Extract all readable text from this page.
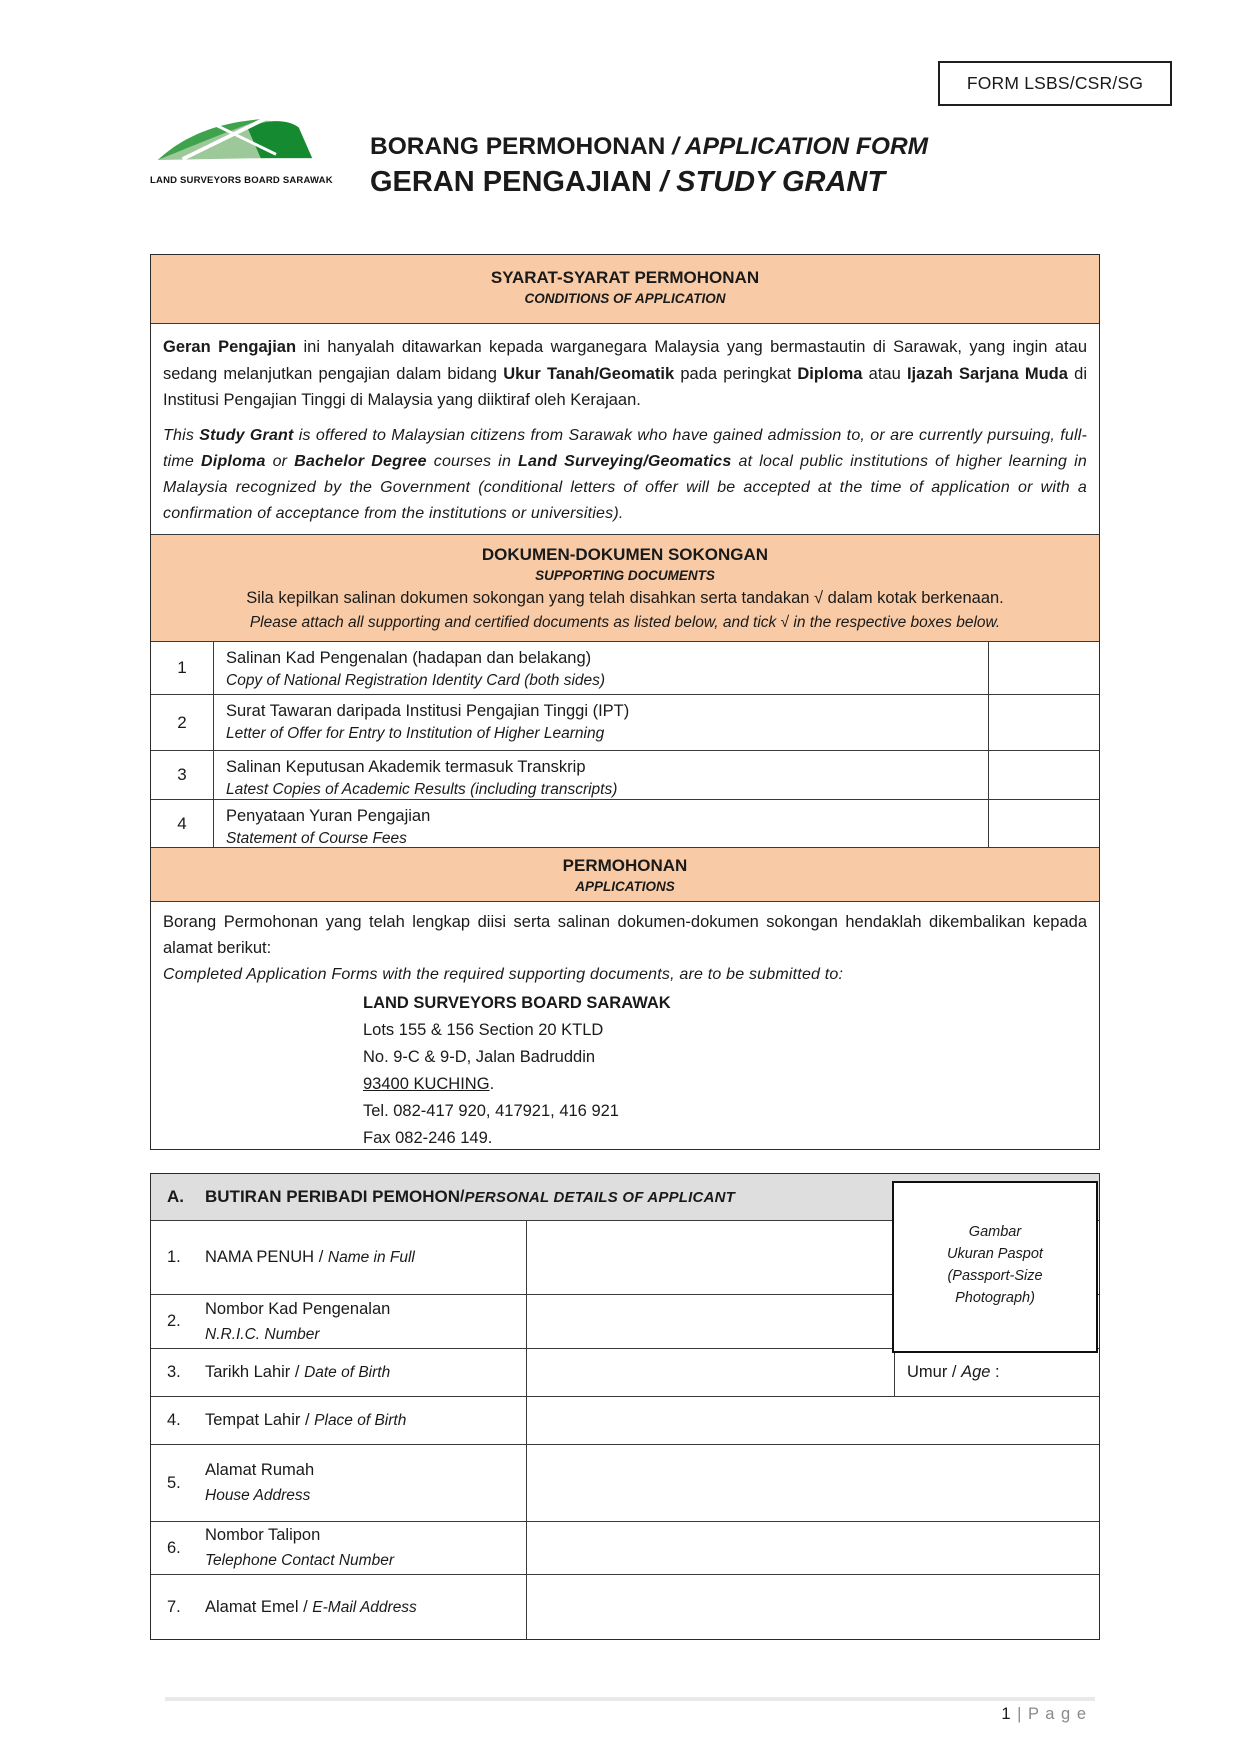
FORM LSBS/CSR/SG
LAND SURVEYORS BOARD SARAWAK
BORANG PERMOHONAN / APPLICATION FORM
GERAN PENGAJIAN / STUDY GRANT
SYARAT-SYARAT PERMOHONAN
CONDITIONS OF APPLICATION

Geran Pengajian ini hanyalah ditawarkan kepada warganegara Malaysia yang bermastautin di Sarawak, yang ingin atau sedang melanjutkan pengajian dalam bidang Ukur Tanah/Geomatik pada peringkat Diploma atau Ijazah Sarjana Muda di Institusi Pengajian Tinggi di Malaysia yang diiktiraf oleh Kerajaan.

This Study Grant is offered to Malaysian citizens from Sarawak who have gained admission to, or are currently pursuing, full-time Diploma or Bachelor Degree courses in Land Surveying/Geomatics at local public institutions of higher learning in Malaysia recognized by the Government (conditional letters of offer will be accepted at the time of application or with a confirmation of acceptance from the institutions or universities).

DOKUMEN-DOKUMEN SOKONGAN
SUPPORTING DOCUMENTS
Sila kepilkan salinan dokumen sokongan yang telah disahkan serta tandakan √ dalam kotak berkenaan.
Please attach all supporting and certified documents as listed below, and tick √ in the respective boxes below.
1	Salinan Kad Pengenalan (hadapan dan belakang)
Copy of National Registration Identity Card (both sides)
2
Surat Tawaran daripada Institusi Pengajian Tinggi (IPT)
Letter of Offer for Entry to Institution of Higher Learning
3	Salinan Keputusan Akademik termasuk Transkrip
Latest Copies of Academic Results (including transcripts)
4	Penyataan Yuran Pengajian
Statement of Course Fees
PERMOHONAN
APPLICATIONS

Borang Permohonan yang telah lengkap diisi serta salinan dokumen-dokumen sokongan hendaklah dikembalikan kepada alamat berikut:

Completed Application Forms with the required supporting documents, are to be submitted to:

LAND SURVEYORS BOARD SARAWAK
Lots 155 & 156 Section 20 KTLD
No. 9-C & 9-D, Jalan Badruddin
93400 KUCHING.
Tel. 082-417 920, 417921, 416 921
Fax 082-246 149.
A.	BUTIRAN PERIBADI PEMOHON / PERSONAL DETAILS OF APPLICANT
1.	NAMA PENUH / Name in Full
2.
Nombor Kad Pengenalan
N.R.I.C. Number
3.	Tarikh Lahir / Date of Birth	Umur / Age :
4.	Tempat Lahir / Place of Birth
5.
Alamat Rumah
House Address
6.
Nombor Talipon
Telephone Contact Number
7.	Alamat Emel / E-Mail Address
Gambar
Ukuran Paspot
(Passport-Size
Photograph)
1 | P a g e
